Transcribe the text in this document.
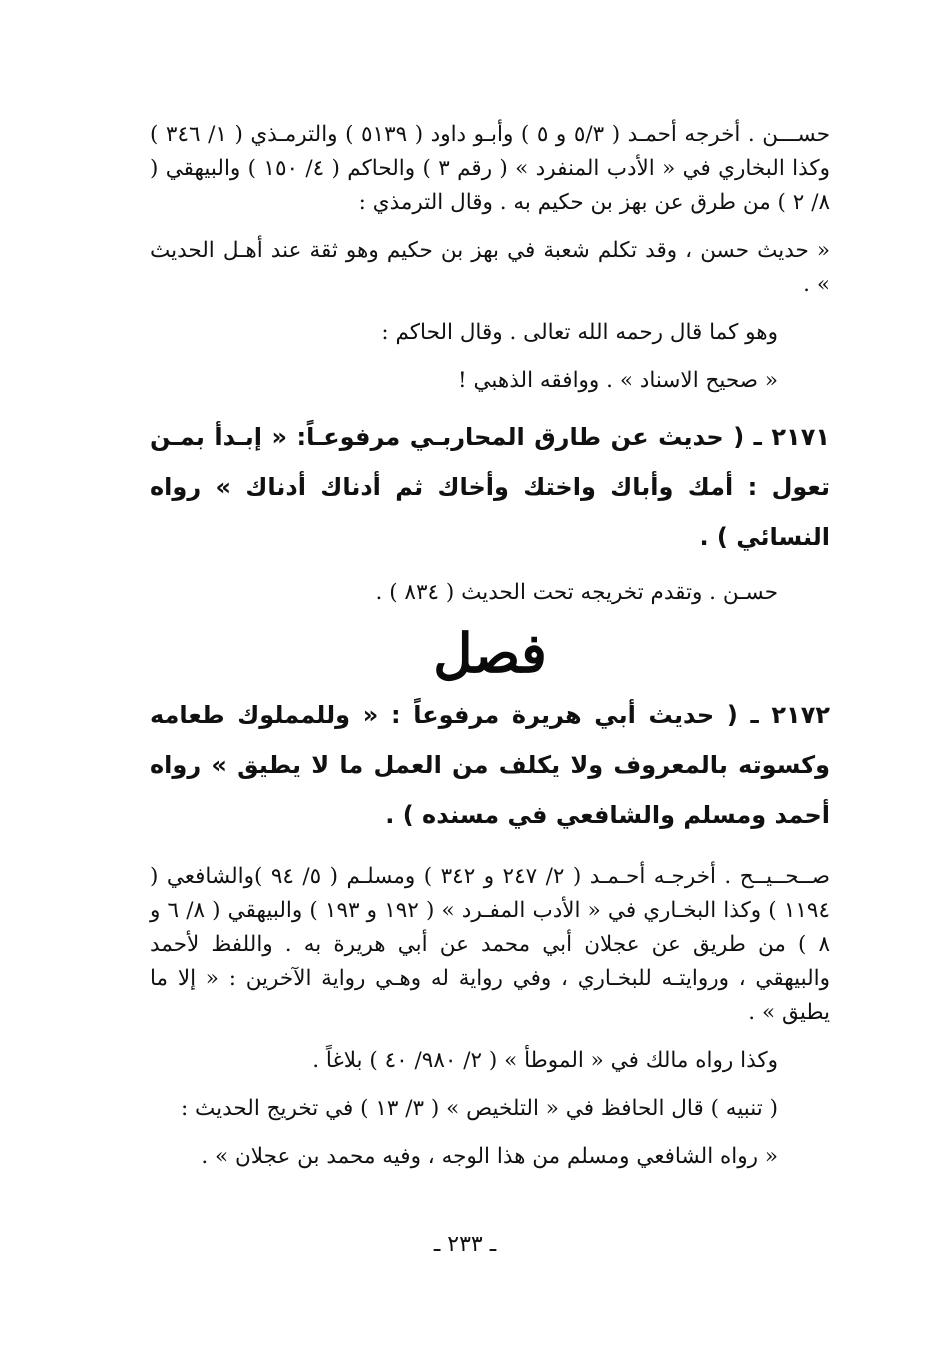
حســـن . أخرجه أحمـد ( ٥/٣ و ٥ ) وأبـو داود ( ٥١٣٩ ) والترمـذي ( ١/ ٣٤٦ ) وكذا البخاري في « الأدب المنفرد » ( رقم ٣ ) والحاكم ( ٤/ ١٥٠ ) والبيهقي ( ٨/ ٢ ) من طرق عن بهز بن حكيم به . وقال الترمذي :

« حديث حسن ، وقد تكلم شعبة في بهز بن حكيم وهو ثقة عند أهـل الحديث » .

وهو كما قال رحمه الله تعالى . وقال الحاكم :

« صحيح الاسناد » . ووافقه الذهبي !

٢١٧١ ـ ( حديث عن طارق المحاربـي مرفوعـاً: « إبـدأ بمـن تعول : أمك وأباك واختك وأخاك ثم أدناك أدناك » رواه النسائي ) .

حسـن . وتقدم تخريجه تحت الحديث ( ٨٣٤ ) .

فصل

٢١٧٢ ـ ( حديث أبي هريرة مرفوعاً : « وللمملوك طعامه وكسوته بالمعروف ولا يكلف من العمل ما لا يطيق » رواه أحمد ومسلم والشافعي في مسنده ) .

صــحــيــح . أخرجـه أحـمـد ( ٢/ ٢٤٧ و ٣٤٢ ) ومسلـم ( ٥/ ٩٤ )والشافعي ( ١١٩٤ ) وكذا البخـاري في « الأدب المفـرد » ( ١٩٢ و ١٩٣ ) والبيهقي ( ٨/ ٦ و ٨ ) من طريق عن عجلان أبي محمد عن أبي هريرة به . واللفظ لأحمد والبيهقي ، وروايتـه للبخـاري ، وفي رواية له وهـي رواية الآخرين : « إلا ما يطيق » .

وكذا رواه مالك في « الموطأ » ( ٢/ ٩٨٠/ ٤٠ ) بلاغاً .

( تنبيه ) قال الحافظ في « التلخيص » ( ٣/ ١٣ ) في تخريج الحديث :

« رواه الشافعي ومسلم من هذا الوجه ، وفيه محمد بن عجلان » .

ـ ٢٣٣ ـ
